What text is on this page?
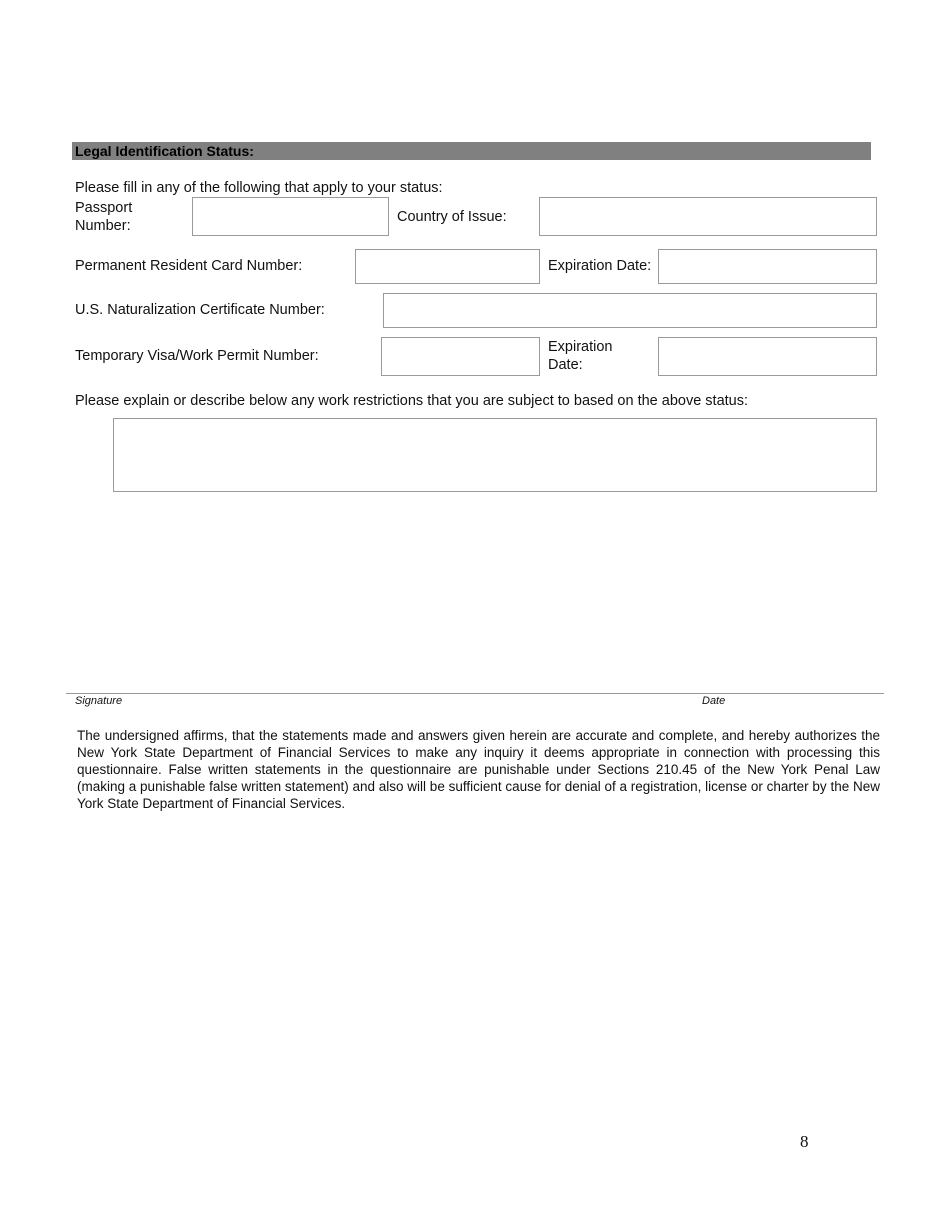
Legal Identification Status:
Please fill in any of the following that apply to your status:
Passport Number:
Country of Issue:
Permanent Resident Card Number:	Expiration Date:
U.S. Naturalization Certificate Number:
Temporary Visa/Work Permit Number:
Expiration Date:
Please explain or describe below any work restrictions that you are subject to based on the above status:
Signature	Date
The undersigned affirms, that the statements made and answers given herein are accurate and complete, and hereby authorizes the New York State Department of Financial Services to make any inquiry it deems appropriate in connection with processing this questionnaire. False written statements in the questionnaire are punishable under Sections 210.45 of the New York Penal Law (making a punishable false written statement) and also will be sufficient cause for denial of a registration, license or charter by the New York State Department of Financial Services.
8
